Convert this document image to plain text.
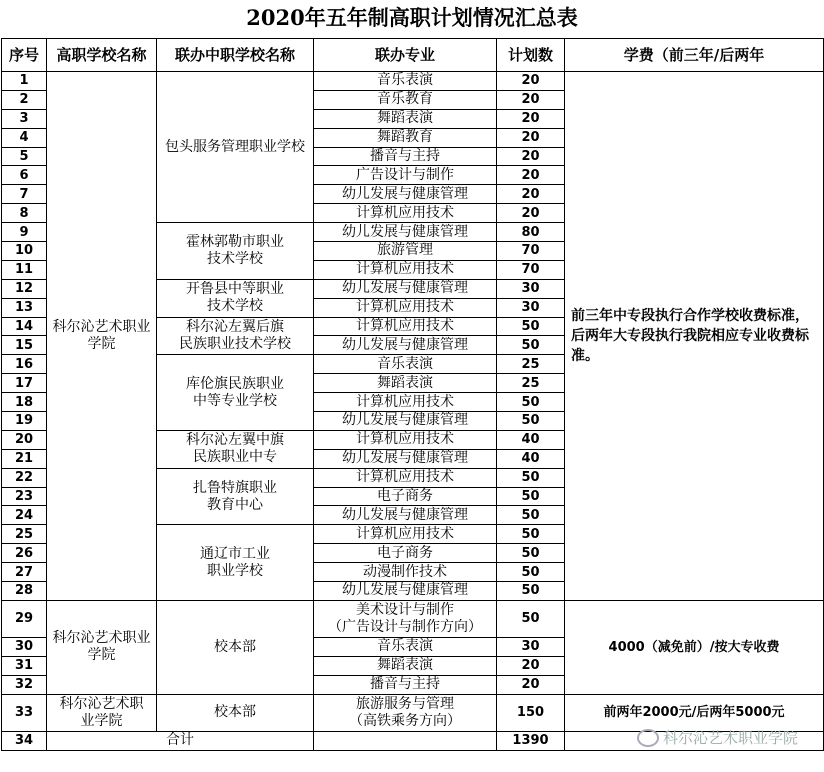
2020年五年制高职计划情况汇总表
序号	高职学校名称	联办中职学校名称	联办专业	计划数	学费（前三年/后两年
1	科尔沁艺术职业学院	包头服务管理职业学校	音乐表演	20	前三年中专段执行合作学校收费标准，后两年大专段执行我院相应专业收费标准。
2			音乐教育	20	
3			舞蹈表演	20	
4			舞蹈教育	20	
5			播音与主持	20	
6			广告设计与制作	20	
7			幼儿发展与健康管理	20	
8			计算机应用技术	20	
9		霍林郭勒市职业
技术学校	幼儿发展与健康管理	80	
10			旅游管理	70	
11			计算机应用技术	70	
12		开鲁县中等职业
技术学校	幼儿发展与健康管理	30	
13			计算机应用技术	30	
14		科尔沁左翼后旗
民族职业技术学校	计算机应用技术	50	
15			幼儿发展与健康管理	50	
16		库伦旗民族职业
中等专业学校	音乐表演	25	
17			舞蹈表演	25	
18			计算机应用技术	50	
19			幼儿发展与健康管理	50	
20		科尔沁左翼中旗
民族职业中专	计算机应用技术	40	
21			幼儿发展与健康管理	40	
22		扎鲁特旗职业
教育中心	计算机应用技术	50	
23			电子商务	50	
24			幼儿发展与健康管理	50	
25		通辽市工业
职业学校	计算机应用技术	50	
26			电子商务	50	
27			动漫制作技术	50	
28			幼儿发展与健康管理	50	
29	科尔沁艺术职业学院	校本部	美术设计与制作
（广告设计与制作方向）	50	4000（减免前）/按大专收费
30			音乐表演	30	
31			舞蹈表演	20	
32			播音与主持	20	
33	科尔沁艺术职
业学院	校本部	旅游服务与管理
（高铁乘务方向）	150	前两年2000元/后两年5000元
34	合计			1390		科尔沁艺术职业学院
